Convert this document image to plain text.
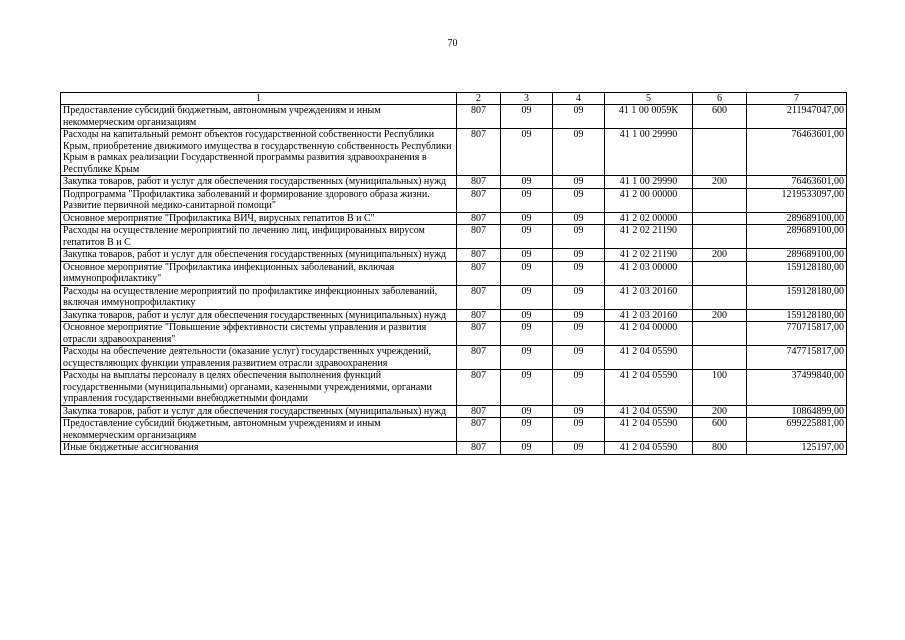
70
1	2	3	4	5	6	7
Предоставление субсидий бюджетным, автономным учреждениям и иным некоммерческим организациям	807	09	09	41 1 00 0059К	600	211947047,00
Расходы на капитальный ремонт объектов государственной собственности Республики Крым, приобретение движимого имущества в государственную собственность Республики Крым в рамках реализации Государственной программы развития здравоохранения в Республике Крым	807	09	09	41 1 00 29990		76463601,00
Закупка товаров, работ и услуг для обеспечения государственных (муниципальных) нужд	807	09	09	41 1 00 29990	200	76463601,00
Подпрограмма "Профилактика заболеваний и формирование здорового образа жизни. Развитие первичной медико-санитарной помощи"	807	09	09	41 2 00 00000		1219533097,00
Основное мероприятие "Профилактика ВИЧ, вирусных гепатитов В и С"	807	09	09	41 2 02 00000		289689100,00
Расходы на осуществление мероприятий по лечению лиц, инфицированных вирусом гепатитов В и С	807	09	09	41 2 02 21190		289689100,00
Закупка товаров, работ и услуг для обеспечения государственных (муниципальных) нужд	807	09	09	41 2 02 21190	200	289689100,00
Основное мероприятие "Профилактика инфекционных заболеваний, включая иммунопрофилактику"	807	09	09	41 2 03 00000		159128180,00
Расходы на осуществление мероприятий по профилактике инфекционных заболеваний, включая иммунопрофилактику	807	09	09	41 2 03 20160		159128180,00
Закупка товаров, работ и услуг для обеспечения государственных (муниципальных) нужд	807	09	09	41 2 03 20160	200	159128180,00
Основное мероприятие "Повышение эффективности системы управления и развития отрасли здравоохранения"	807	09	09	41 2 04 00000		770715817,00
Расходы на обеспечение деятельности (оказание услуг) государственных учреждений, осуществляющих функции управления развитием отрасли здравоохранения	807	09	09	41 2 04 05590		747715817,00
Расходы на выплаты персоналу в целях обеспечения выполнения функций государственными (муниципальными) органами, казенными учреждениями, органами управления государственными внебюджетными фондами	807	09	09	41 2 04 05590	100	37499840,00
Закупка товаров, работ и услуг для обеспечения государственных (муниципальных) нужд	807	09	09	41 2 04 05590	200	10864899,00
Предоставление субсидий бюджетным, автономным учреждениям и иным некоммерческим организациям	807	09	09	41 2 04 05590	600	699225881,00
Иные бюджетные ассигнования	807	09	09	41 2 04 05590	800	125197,00
